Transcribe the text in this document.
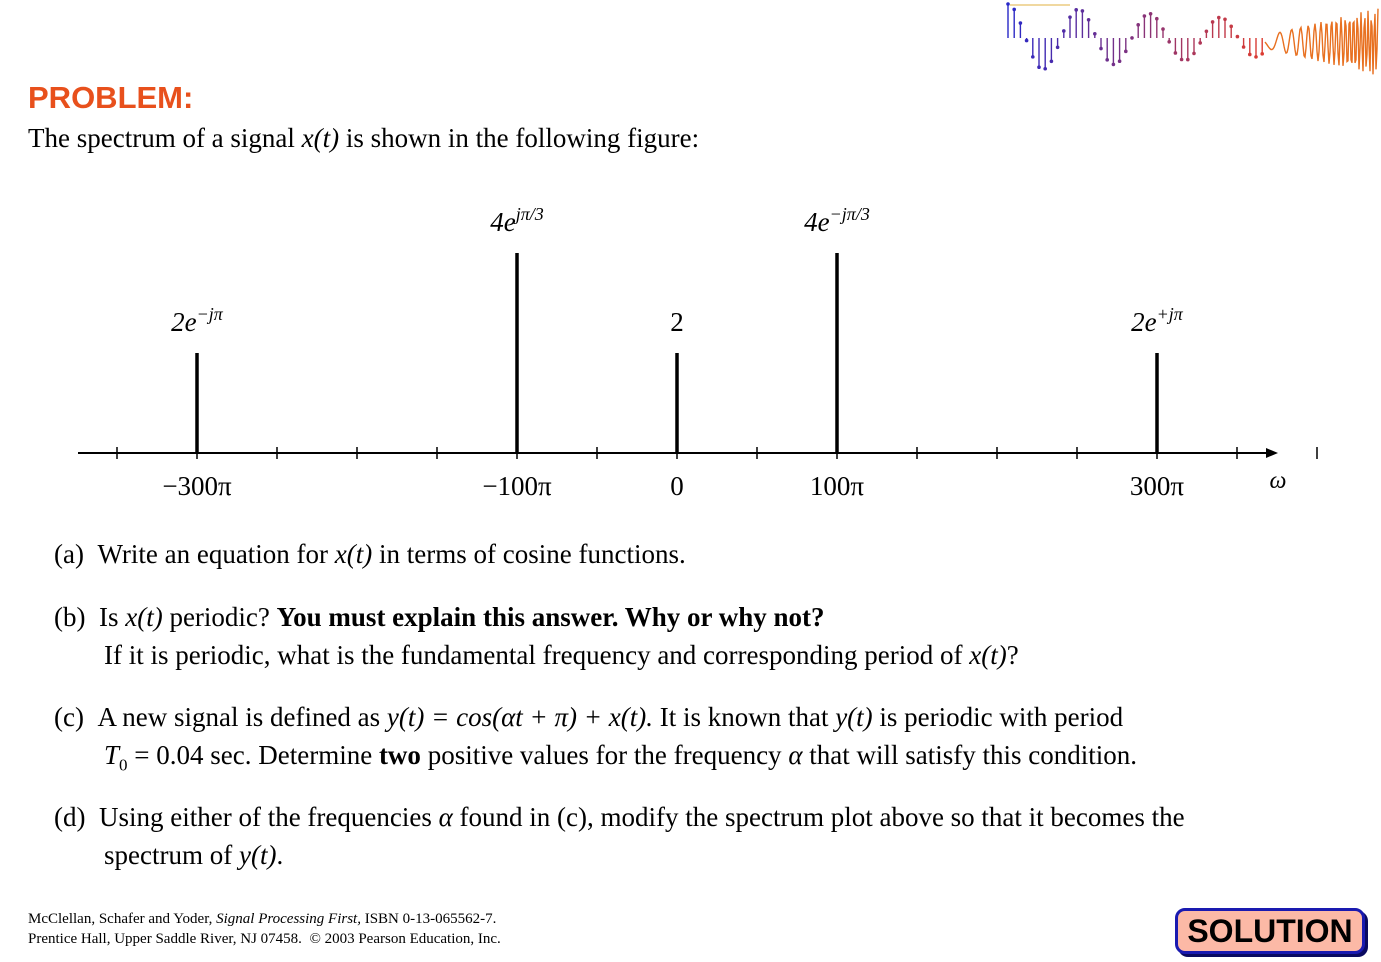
PROBLEM:
The spectrum of a signal x(t) is shown in the following figure:
ω
$2e^{-j\pi}$
$4e^{j\pi/3}$
2
$4e^{-j\pi/3}$
$2e^{+j\pi}$
−300π	−100π	0	100π	300π
(a) Write an equation for x(t) in terms of cosine functions.
(b) Is x(t) periodic? You must explain this answer. Why or why not?
If it is periodic, what is the fundamental frequency and corresponding period of x(t)?
(c) A new signal is defined as y(t) = cos(αt + π) + x(t). It is known that y(t) is periodic with period
$T_0 = 0.04$ sec. Determine two positive values for the frequency α that will satisfy this condition.
(d) Using either of the frequencies α found in (c), modify the spectrum plot above so that it becomes the
spectrum of y(t).
McClellan, Schafer and Yoder, Signal Processing First, ISBN 0-13-065562-7.
Prentice Hall, Upper Saddle River, NJ 07458. © 2003 Pearson Education, Inc.	SOLUTION
